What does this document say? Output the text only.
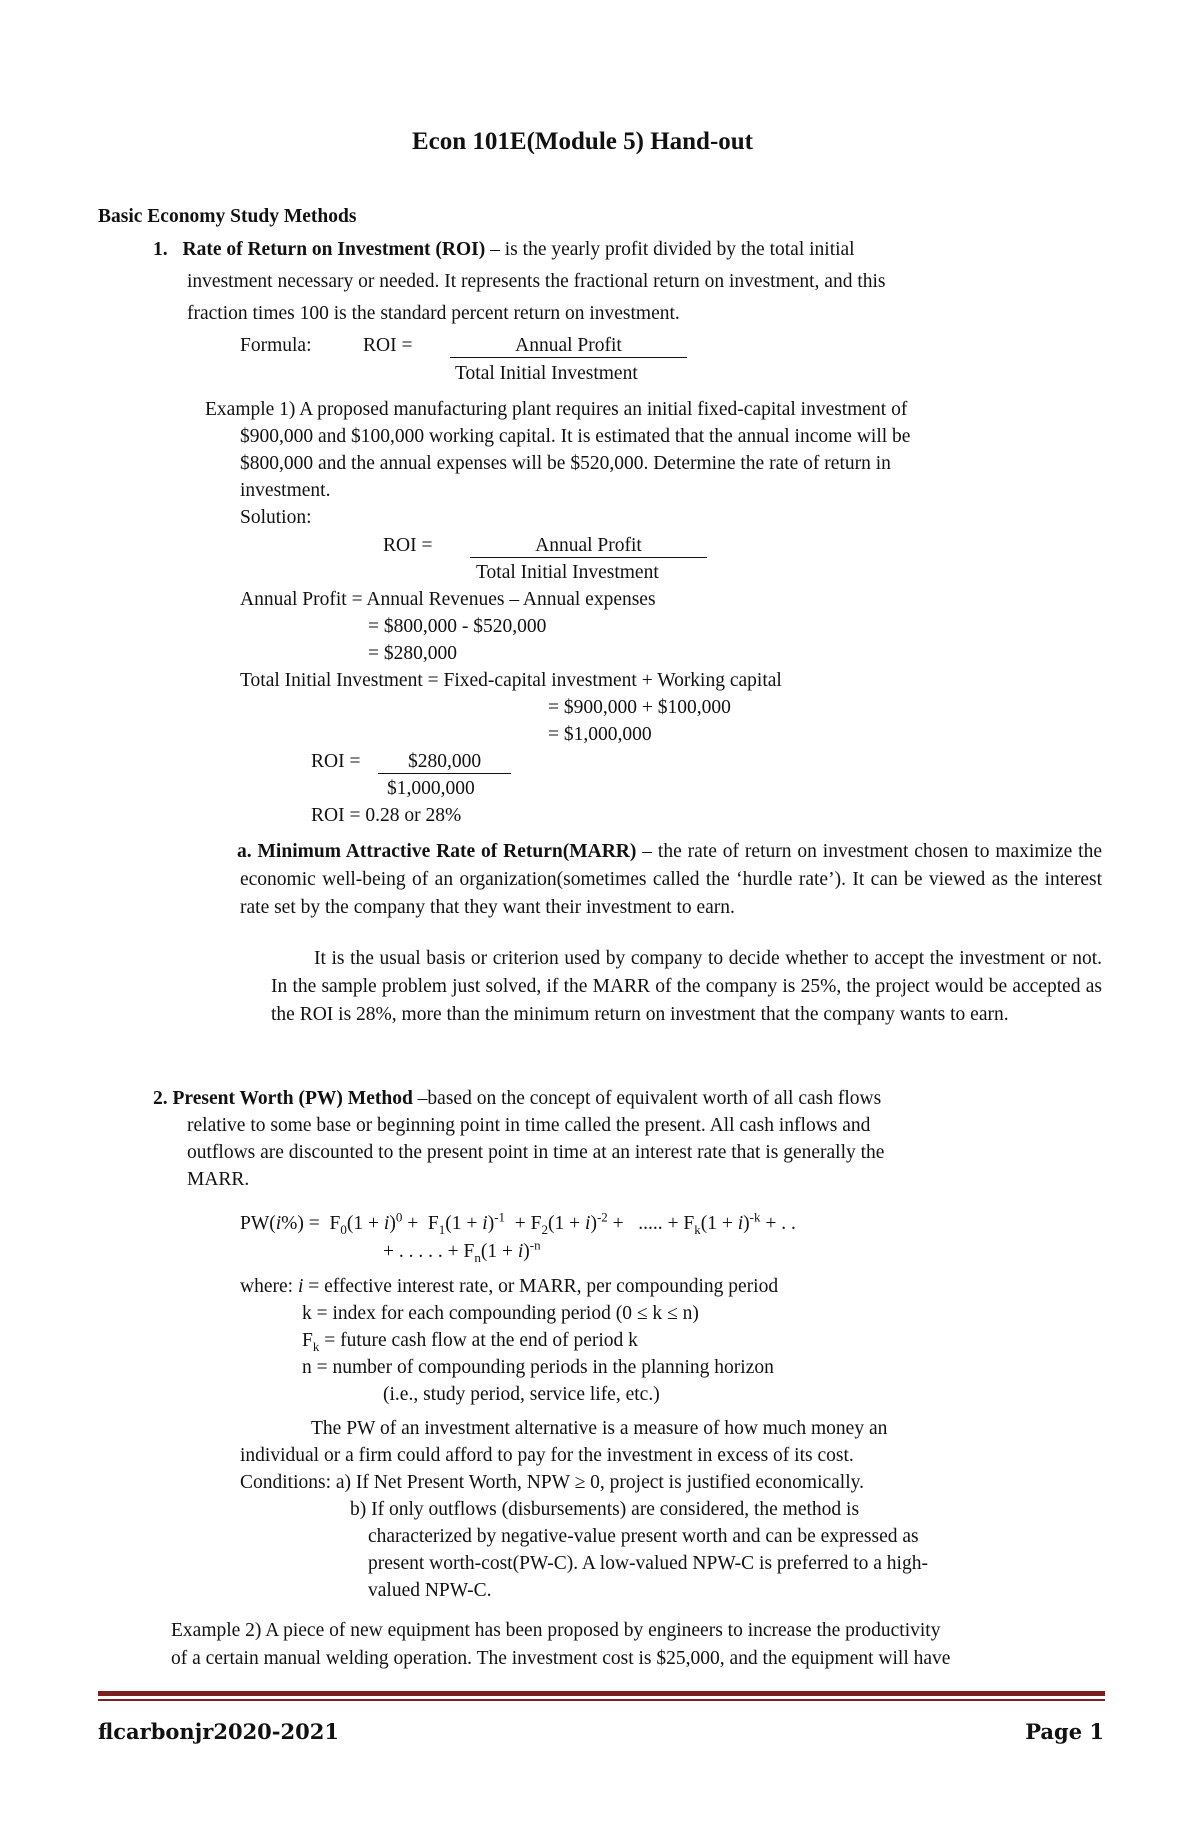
Econ 101E(Module 5) Hand-out
Basic Economy Study Methods
1. Rate of Return on Investment (ROI) – is the yearly profit divided by the total initial
investment necessary or needed. It represents the fractional return on investment, and this
fraction times 100 is the standard percent return on investment.
Formula:	ROI =	Annual Profit
Total Initial Investment
Example 1) A proposed manufacturing plant requires an initial fixed-capital investment of
$900,000 and $100,000 working capital. It is estimated that the annual income will be
$800,000 and the annual expenses will be $520,000. Determine the rate of return in
investment.
Solution:
ROI =	Annual Profit
Total Initial Investment
Annual Profit = Annual Revenues – Annual expenses
= $800,000 - $520,000
= $280,000
Total Initial Investment = Fixed-capital investment + Working capital
= $900,000 + $100,000
= $1,000,000
ROI =	$280,000
$1,000,000
ROI = 0.28 or 28%
a. Minimum Attractive Rate of Return(MARR) – the rate of return on investment chosen to maximize the economic well-being of an organization(sometimes called the ‘hurdle rate’). It can be viewed as the interest rate set by the company that they want their investment to earn.
It is the usual basis or criterion used by company to decide whether to accept the investment or not. In the sample problem just solved, if the MARR of the company is 25%, the project would be accepted as the ROI is 28%, more than the minimum return on investment that the company wants to earn.
2. Present Worth (PW) Method –based on the concept of equivalent worth of all cash flows
relative to some base or beginning point in time called the present. All cash inflows and
outflows are discounted to the present point in time at an interest rate that is generally the
MARR.
$PW(i\%) = F_0(1 + i)^0 + F_1(1 + i)^{-1} + F_2(1 + i)^{-2}$ +   ..... + $F_k(1 + i)^{-k}$ + . .
+ . . . . . + $F_n(1 + i)^{-n}$
where: i = effective interest rate, or MARR, per compounding period
k = index for each compounding period (0 ≤ k ≤ n)
$F_k$ = future cash flow at the end of period k
n = number of compounding periods in the planning horizon
(i.e., study period, service life, etc.)
The PW of an investment alternative is a measure of how much money an
individual or a firm could afford to pay for the investment in excess of its cost.
Conditions: a) If Net Present Worth, NPW ≥ 0, project is justified economically.
b) If only outflows (disbursements) are considered, the method is
characterized by negative-value present worth and can be expressed as
present worth-cost(PW-C). A low-valued NPW-C is preferred to a high-
valued NPW-C.
Example 2) A piece of new equipment has been proposed by engineers to increase the productivity
of a certain manual welding operation. The investment cost is $25,000, and the equipment will have
flcarbonjr2020-2021	Page 1
